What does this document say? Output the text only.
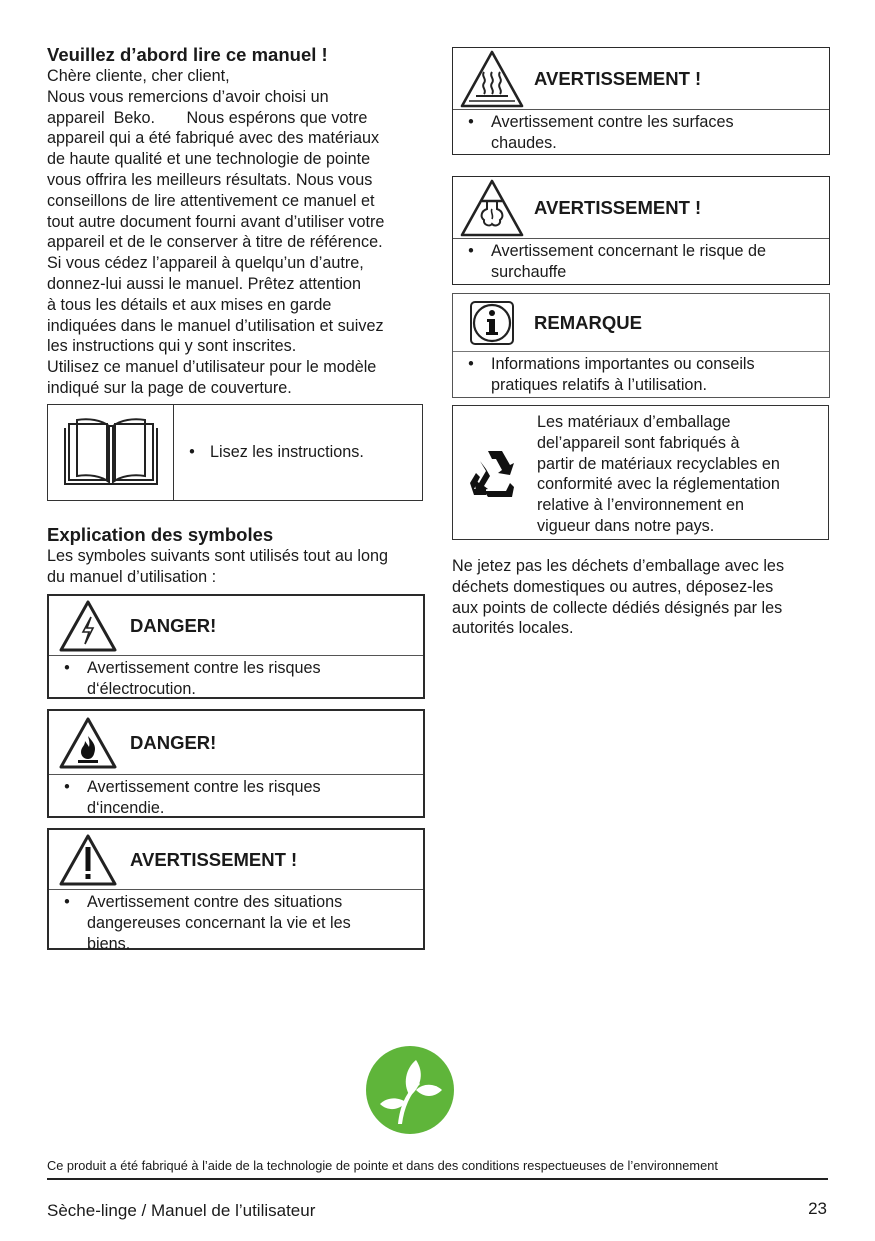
Veuillez d’abord lire ce manuel !

Chère cliente, cher client,

Nous vous remercions d’avoir choisi un

appareil  Beko.       Nous espérons que votre

appareil qui a été fabriqué avec des matériaux

de haute qualité et une technologie de pointe

vous offrira les meilleurs résultats. Nous vous

conseillons de lire attentivement ce manuel et

tout autre document fourni avant d’utiliser votre

appareil et de le conserver à titre de référence.

Si vous cédez l’appareil à quelqu’un d’autre,

donnez-lui aussi le manuel. Prêtez attention

à tous les détails et aux mises en garde

indiquées dans le manuel d’utilisation et suivez

les instructions qui y sont inscrites.

Utilisez ce manuel d’utilisateur pour le modèle

indiqué sur la page de couverture.

• Lisez les instructions.
Explication des symboles
Les symboles suivants sont utilisés tout au long
du manuel d’utilisation :
DANGER!
•	Avertissement contre les risques
d‘électrocution.
DANGER!
•	Avertissement contre les risques
d‘incendie.
AVERTISSEMENT !
•	Avertissement contre des situations
dangereuses concernant la vie et les
biens.
AVERTISSEMENT !
•	Avertissement contre les surfaces
chaudes.
AVERTISSEMENT !
•	Avertissement concernant le risque de
surchauffe
REMARQUE
•	Informations importantes ou conseils
pratiques relatifs à l’utilisation.
Les matériaux d’emballage
del’appareil sont fabriqués à
partir de matériaux recyclables en
conformité avec la réglementation
relative à l’environnement en
vigueur dans notre pays.
Ne jetez pas les déchets d’emballage avec les
déchets domestiques ou autres, déposez-les
aux points de collecte dédiés désignés par les
autorités locales.
Ce produit a été fabriqué à l’aide de la technologie de pointe et dans des conditions respectueuses de l’environnement
Sèche-linge / Manuel de l’utilisateur	23
